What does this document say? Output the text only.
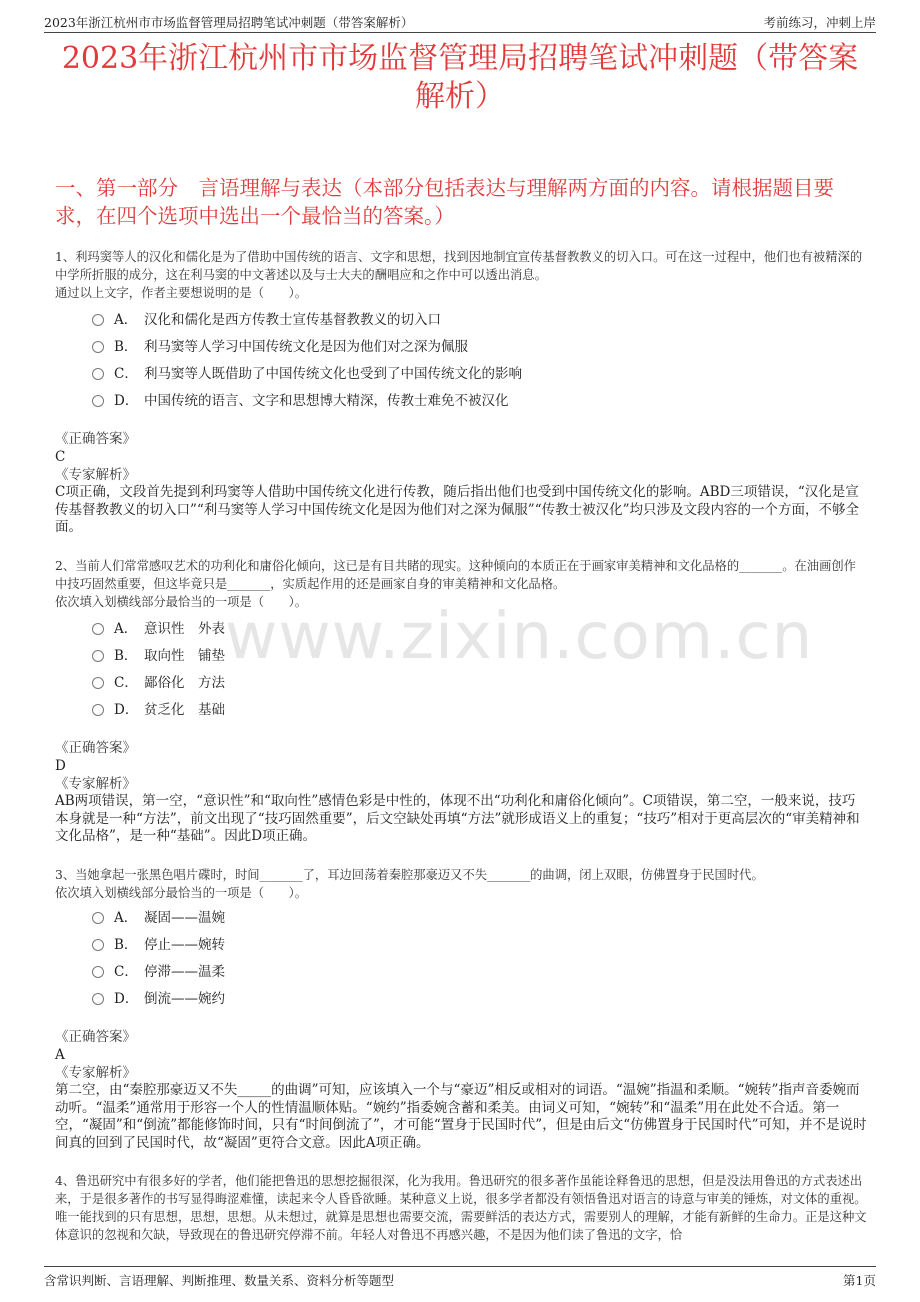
2023年浙江杭州市市场监督管理局招聘笔试冲刺题（带答案解析）	考前练习，冲刺上岸
2023年浙江杭州市市场监督管理局招聘笔试冲刺题（带答案解析）
一、第一部分　言语理解与表达（本部分包括表达与理解两方面的内容。请根据题目要求，在四个选项中选出一个最恰当的答案。）
www.zixin.com.cn
1、利玛窦等人的汉化和儒化是为了借助中国传统的语言、文字和思想，找到因地制宜宣传基督教教义的切入口。可在这一过程中，他们也有被精深的中学所折服的成分，这在利马窦的中文著述以及与士大夫的酬唱应和之作中可以透出消息。
通过以上文字，作者主要想说明的是（　　）。
A． 汉化和儒化是西方传教士宣传基督教教义的切入口
B． 利马窦等人学习中国传统文化是因为他们对之深为佩服
C． 利马窦等人既借助了中国传统文化也受到了中国传统文化的影响
D． 中国传统的语言、文字和思想博大精深，传教士难免不被汉化
《正确答案》
C
《专家解析》
C项正确，文段首先提到利玛窦等人借助中国传统文化进行传教，随后指出他们也受到中国传统文化的影响。ABD三项错误，“汉化是宣传基督教教义的切入口”“利马窦等人学习中国传统文化是因为他们对之深为佩服”“传教士被汉化”均只涉及文段内容的一个方面，不够全面。
2、当前人们常常感叹艺术的功利化和庸俗化倾向，这已是有目共睹的现实。这种倾向的本质正在于画家审美精神和文化品格的_______。在油画创作中技巧固然重要，但这毕竟只是_______，实质起作用的还是画家自身的审美精神和文化品格。
依次填入划横线部分最恰当的一项是（　　）。
A． 意识性　外表
B． 取向性　铺垫
C． 鄙俗化　方法
D． 贫乏化　基础
《正确答案》
D
《专家解析》
AB两项错误，第一空，“意识性”和“取向性”感情色彩是中性的，体现不出“功利化和庸俗化倾向”。C项错误，第二空，一般来说，技巧本身就是一种“方法”，前文出现了“技巧固然重要”，后文空缺处再填“方法”就形成语义上的重复；“技巧”相对于更高层次的“审美精神和文化品格”，是一种“基础”。因此D项正确。
3、当她拿起一张黑色唱片碟时，时间_______了，耳边回荡着秦腔那豪迈又不失_______的曲调，闭上双眼，仿佛置身于民国时代。
依次填入划横线部分最恰当的一项是（　　）。
A． 凝固——温婉
B． 停止——婉转
C． 停滞——温柔
D． 倒流——婉约
《正确答案》
A
《专家解析》
第二空，由“秦腔那豪迈又不失_____的曲调”可知，应该填入一个与“豪迈”相反或相对的词语。“温婉”指温和柔顺。“婉转”指声音委婉而动听。“温柔”通常用于形容一个人的性情温顺体贴。“婉约”指委婉含蓄和柔美。由词义可知，“婉转”和“温柔”用在此处不合适。第一空，“凝固”和“倒流”都能修饰时间，只有“时间倒流了”，才可能“置身于民国时代”，但是由后文“仿佛置身于民国时代”可知，并不是说时间真的回到了民国时代，故“凝固”更符合文意。因此A项正确。
4、鲁迅研究中有很多好的学者，他们能把鲁迅的思想挖掘很深，化为我用。鲁迅研究的很多著作虽能诠释鲁迅的思想，但是没法用鲁迅的方式表述出来，于是很多著作的书写显得晦涩难懂，读起来令人昏昏欲睡。某种意义上说，很多学者都没有领悟鲁迅对语言的诗意与审美的锤炼，对文体的重视。唯一能找到的只有思想，思想，思想。从未想过，就算是思想也需要交流，需要鲜活的表达方式，需要别人的理解，才能有新鲜的生命力。正是这种文体意识的忽视和欠缺，导致现在的鲁迅研究停滞不前。年轻人对鲁迅不再感兴趣，不是因为他们读了鲁迅的文字，恰
含常识判断、言语理解、判断推理、数量关系、资料分析等题型	第1页
